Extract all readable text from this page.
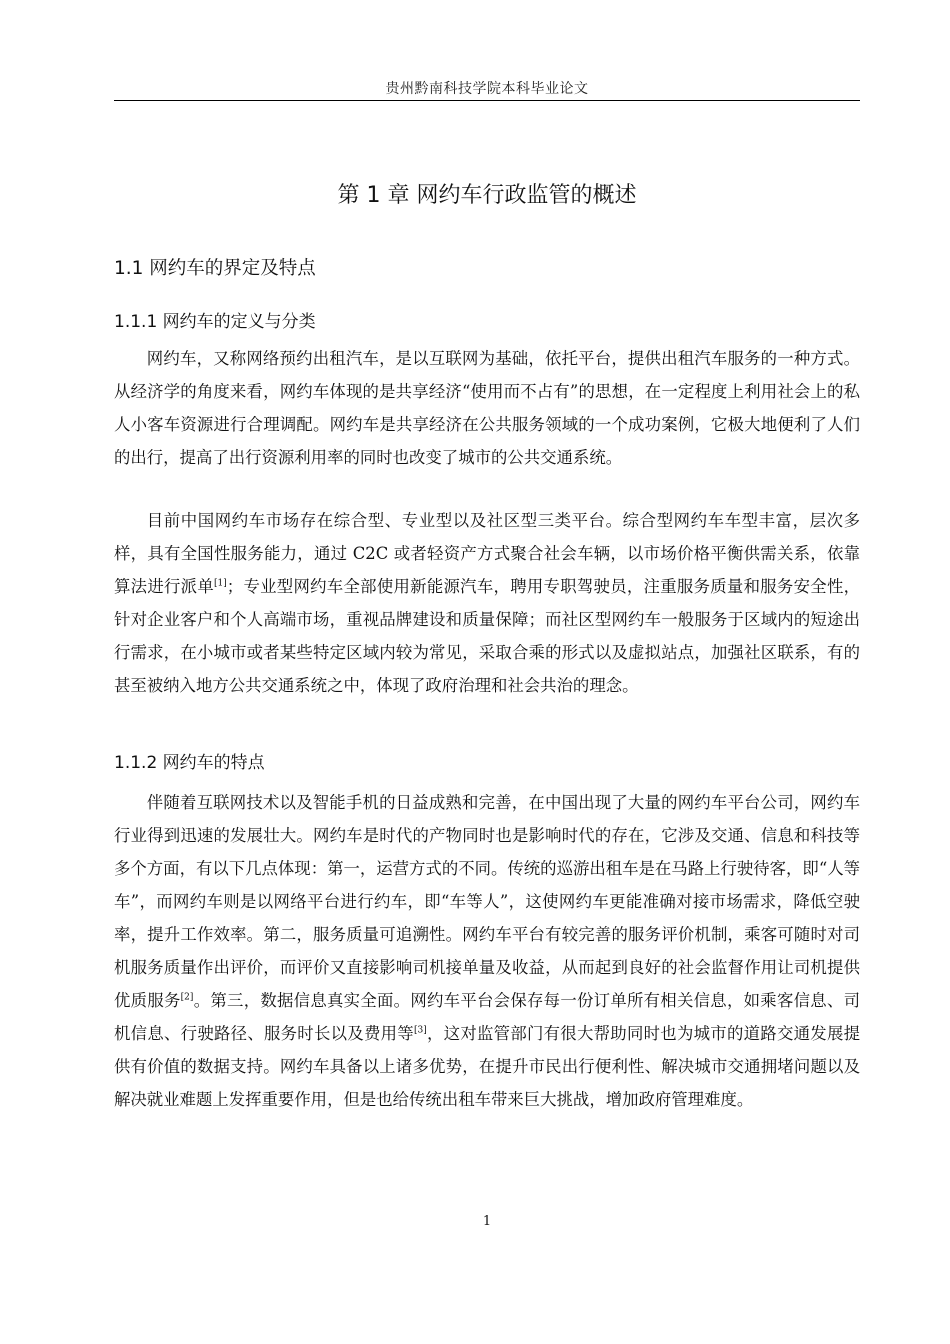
贵州黔南科技学院本科毕业论文
第 1 章 网约车行政监管的概述
1.1 网约车的界定及特点
1.1.1 网约车的定义与分类

网约车，又称网络预约出租汽车，是以互联网为基础，依托平台，提供出租汽车服务的一种方式。从经济学的角度来看，网约车体现的是共享经济“使用而不占有”的思想，在一定程度上利用社会上的私人小客车资源进行合理调配。网约车是共享经济在公共服务领域的一个成功案例，它极大地便利了人们的出行，提高了出行资源利用率的同时也改变了城市的公共交通系统。

目前中国网约车市场存在综合型、专业型以及社区型三类平台。综合型网约车车型丰富，层次多样，具有全国性服务能力，通过 C2C 或者轻资产方式聚合社会车辆，以市场价格平衡供需关系，依靠算法进行派单[1]；专业型网约车全部使用新能源汽车，聘用专职驾驶员，注重服务质量和服务安全性，针对企业客户和个人高端市场，重视品牌建设和质量保障；而社区型网约车一般服务于区域内的短途出行需求，在小城市或者某些特定区域内较为常见，采取合乘的形式以及虚拟站点，加强社区联系，有的甚至被纳入地方公共交通系统之中，体现了政府治理和社会共治的理念。

1.1.2 网约车的特点

伴随着互联网技术以及智能手机的日益成熟和完善，在中国出现了大量的网约车平台公司，网约车行业得到迅速的发展壮大。网约车是时代的产物同时也是影响时代的存在，它涉及交通、信息和科技等多个方面，有以下几点体现：第一，运营方式的不同。传统的巡游出租车是在马路上行驶待客，即“人等车”，而网约车则是以网络平台进行约车，即“车等人”，这使网约车更能准确对接市场需求，降低空驶率，提升工作效率。第二，服务质量可追溯性。网约车平台有较完善的服务评价机制，乘客可随时对司机服务质量作出评价，而评价又直接影响司机接单量及收益，从而起到良好的社会监督作用让司机提供优质服务[2]。第三，数据信息真实全面。网约车平台会保存每一份订单所有相关信息，如乘客信息、司机信息、行驶路径、服务时长以及费用等[3]，这对监管部门有很大帮助同时也为城市的道路交通发展提供有价值的数据支持。网约车具备以上诸多优势，在提升市民出行便利性、解决城市交通拥堵问题以及解决就业难题上发挥重要作用，但是也给传统出租车带来巨大挑战，增加政府管理难度。

1
